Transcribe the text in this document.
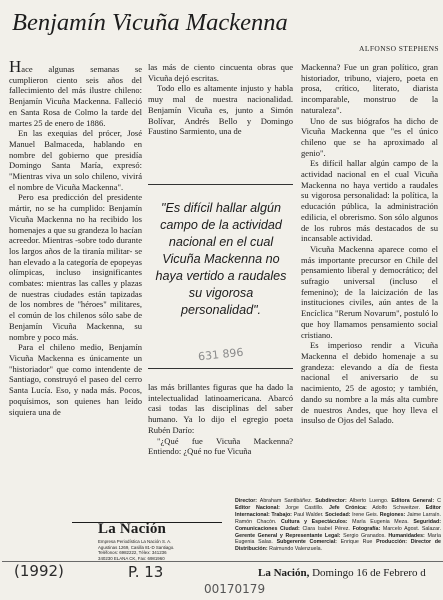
Benjamín Vicuña Mackenna
ALFONSO STEPHENS

Hace algunas semanas se cumplieron ciento seis años del fallecimiento del más ilustre chileno: Benjamín Vicuña Mackenna. Falleció en Santa Rosa de Colmo la tarde del martes 25 de enero de 1886.

En las exequias del prócer, José Manuel Balmaceda, hablando en nombre del gobierno que presidía Domingo Santa María, expresó: "Mientras viva un solo chileno, vivirá el nombre de Vicuña Mackenna".

Pero esa predicción del presidente mártir, no se ha cumplido: Benjamín Vicuña Mackenna no ha recibido los homenajes a que su grandeza lo hacían acreedor. Mientras -sobre todo durante los largos años de la tiranía militar- se han elevado a la categoría de epopeyas olímpicas, incluso insignificantes combates: mientras las calles y plazas de nuestras ciudades están tapizadas de los nombres de "héroes" militares, el común de los chilenos sólo sabe de Benjamín Vicuña Mackenna, su nombre y poco más.

Para el chileno medio, Benjamín Vicuña Mackenna es únicamente un "historiador" que como intendente de Santiago, construyó el paseo del cerro Santa Lucía. Eso, y nada más. Pocos, poquísimos, son quienes han leído siquiera una de

las más de ciento cincuenta obras que Vicuña dejó escritas.

Todo ello es altamente injusto y habla muy mal de nuestra nacionalidad. Benjamín Vicuña es, junto a Simón Bolívar, Andrés Bello y Domingo Faustino Sarmiento, una de

"Es difícil hallar algún campo de la actividad nacional en el cual Vicuña Mackenna no haya vertido a raudales su vigorosa personalidad".
631 896

las más brillantes figuras que ha dado la intelectualidad latinoamericana. Abarcó casi todas las disciplinas del saber humano. Ya lo dijo el egregio poeta Rubén Darío:

"¿Qué fue Vicuña Mackenna? Entiendo: ¿Qué no fue Vicuña

Mackenna? Fue un gran político, gran historiador, tribuno, viajero, poeta en prosa, crítico, literato, diarista incomparable, monstruo de la naturaleza".

Uno de sus biógrafos ha dicho de Vicuña Mackenna que "es el único chileno que se ha aproximado al genio".

Es difícil hallar algún campo de la actividad nacional en el cual Vicuña Mackenna no haya vertido a raudales su vigorosa personalidad: la política, la educación pública, la administración edilicia, el obrerismo. Son sólo algunos de los rubros más destacados de su incansable actividad.

Vicuña Mackenna aparece como el más importante precursor en Chile del pensamiento liberal y democrático; del sufragio universal (incluso el femenino); de la laicización de las instituciones civiles, aún antes de la Encíclica "Rerum Novarum", postuló lo que hoy llamamos pensamiento social cristiano.

Es imperioso rendir a Vicuña Mackenna el debido homenaje a su grandeza: elevando a día de fiesta nacional el aniversario de su nacimiento, 25 de agosto; y también, dando su nombre a la más alta cumbre de nuestros Andes, que hoy lleva el insulso de Ojos del Salado.

La Nación
Empresa Periodística La Nación S. A.
Agustinas 1269, Casilla 81-D Santiago.
Teléfonos: 6982222, Télex: 341236
340230 ELANA CK, Fax: 6981960
Director: Abraham Santibáñez. Subdirector: Alberto Luengo. Editora General: C Editor Nacional: Jorge Castillo. Jefe Crónica: Adolfo Schweitzer. Editor Internacional: Trabajo: Paul Walder. Sociedad: Irene Geis. Regiones: Jaime Larraín. Ramón Chacón. Cultura y Espectáculos: María Eugenia Meza. Seguridad: Comunicaciones Ciudad: Clara Isabel Pérez. Fotografía: Marcelo Agost. Salazar. Gerente General y Representante Legal: Sergio Granados. Humanidades: María Eugenia Salas. Subgerente Comercial: Enrique Rue Producción: Director de Distribución: Raimundo Valenzuela.
(1992)	P. 13
00170179
La Nación, Domingo 16 de Febrero d
